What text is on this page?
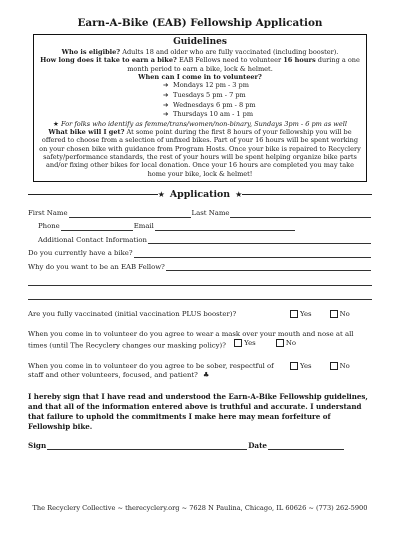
Earn-A-Bike (EAB) Fellowship Application
Guidelines
Who is eligible? Adults 18 and older who are fully vaccinated (including booster).
How long does it take to earn a bike? EAB Fellows need to volunteer 16 hours during a one month period to earn a bike, lock & helmet.
When can I come in to volunteer?
➔ Mondays 12 pm - 3 pm
➔ Tuesdays 5 pm - 7 pm
➔ Wednesdays 6 pm - 8 pm
➔ Thursdays 10 am - 1 pm
★ For folks who identify as femme/trans/women/non-binary, Sundays 3pm - 6 pm as well
What bike will I get? At some point during the first 8 hours of your fellowship you will be offered to choose from a selection of unfixed bikes. Part of your 16 hours will be spent working on your chosen bike with guidance from Program Hosts. Once your bike is repaired to Recyclery safety/performance standards, the rest of your hours will be spent helping organize bike parts and/or fixing other bikes for local donation. Once your 16 hours are completed you may take home your bike, lock & helmet!
★ Application ★
First Name	Last Name
Phone	Email
Additional Contact Information
Do you currently have a bike?
Why do you want to be an EAB Fellow?
Are you fully vaccinated (initial vaccination PLUS booster)?	Yes	No
When you come in to volunteer do you agree to wear a mask over your mouth and nose at all times (until The Recyclery changes our masking policy)?	Yes
	No
When you come in to volunteer do you agree to be sober, respectful of staff and other volunteers, focused, and patient? ♣
Yes	No
I hereby sign that I have read and understood the Earn-A-Bike Fellowship guidelines, and that all of the information entered above is truthful and accurate. I understand that failure to uphold the commitments I make here may mean forfeiture of Fellowship bike.
Sign	Date
The Recyclery Collective ~ therecyclery.org ~ 7628 N Paulina, Chicago, IL 60626 ~ (773) 262-5900
